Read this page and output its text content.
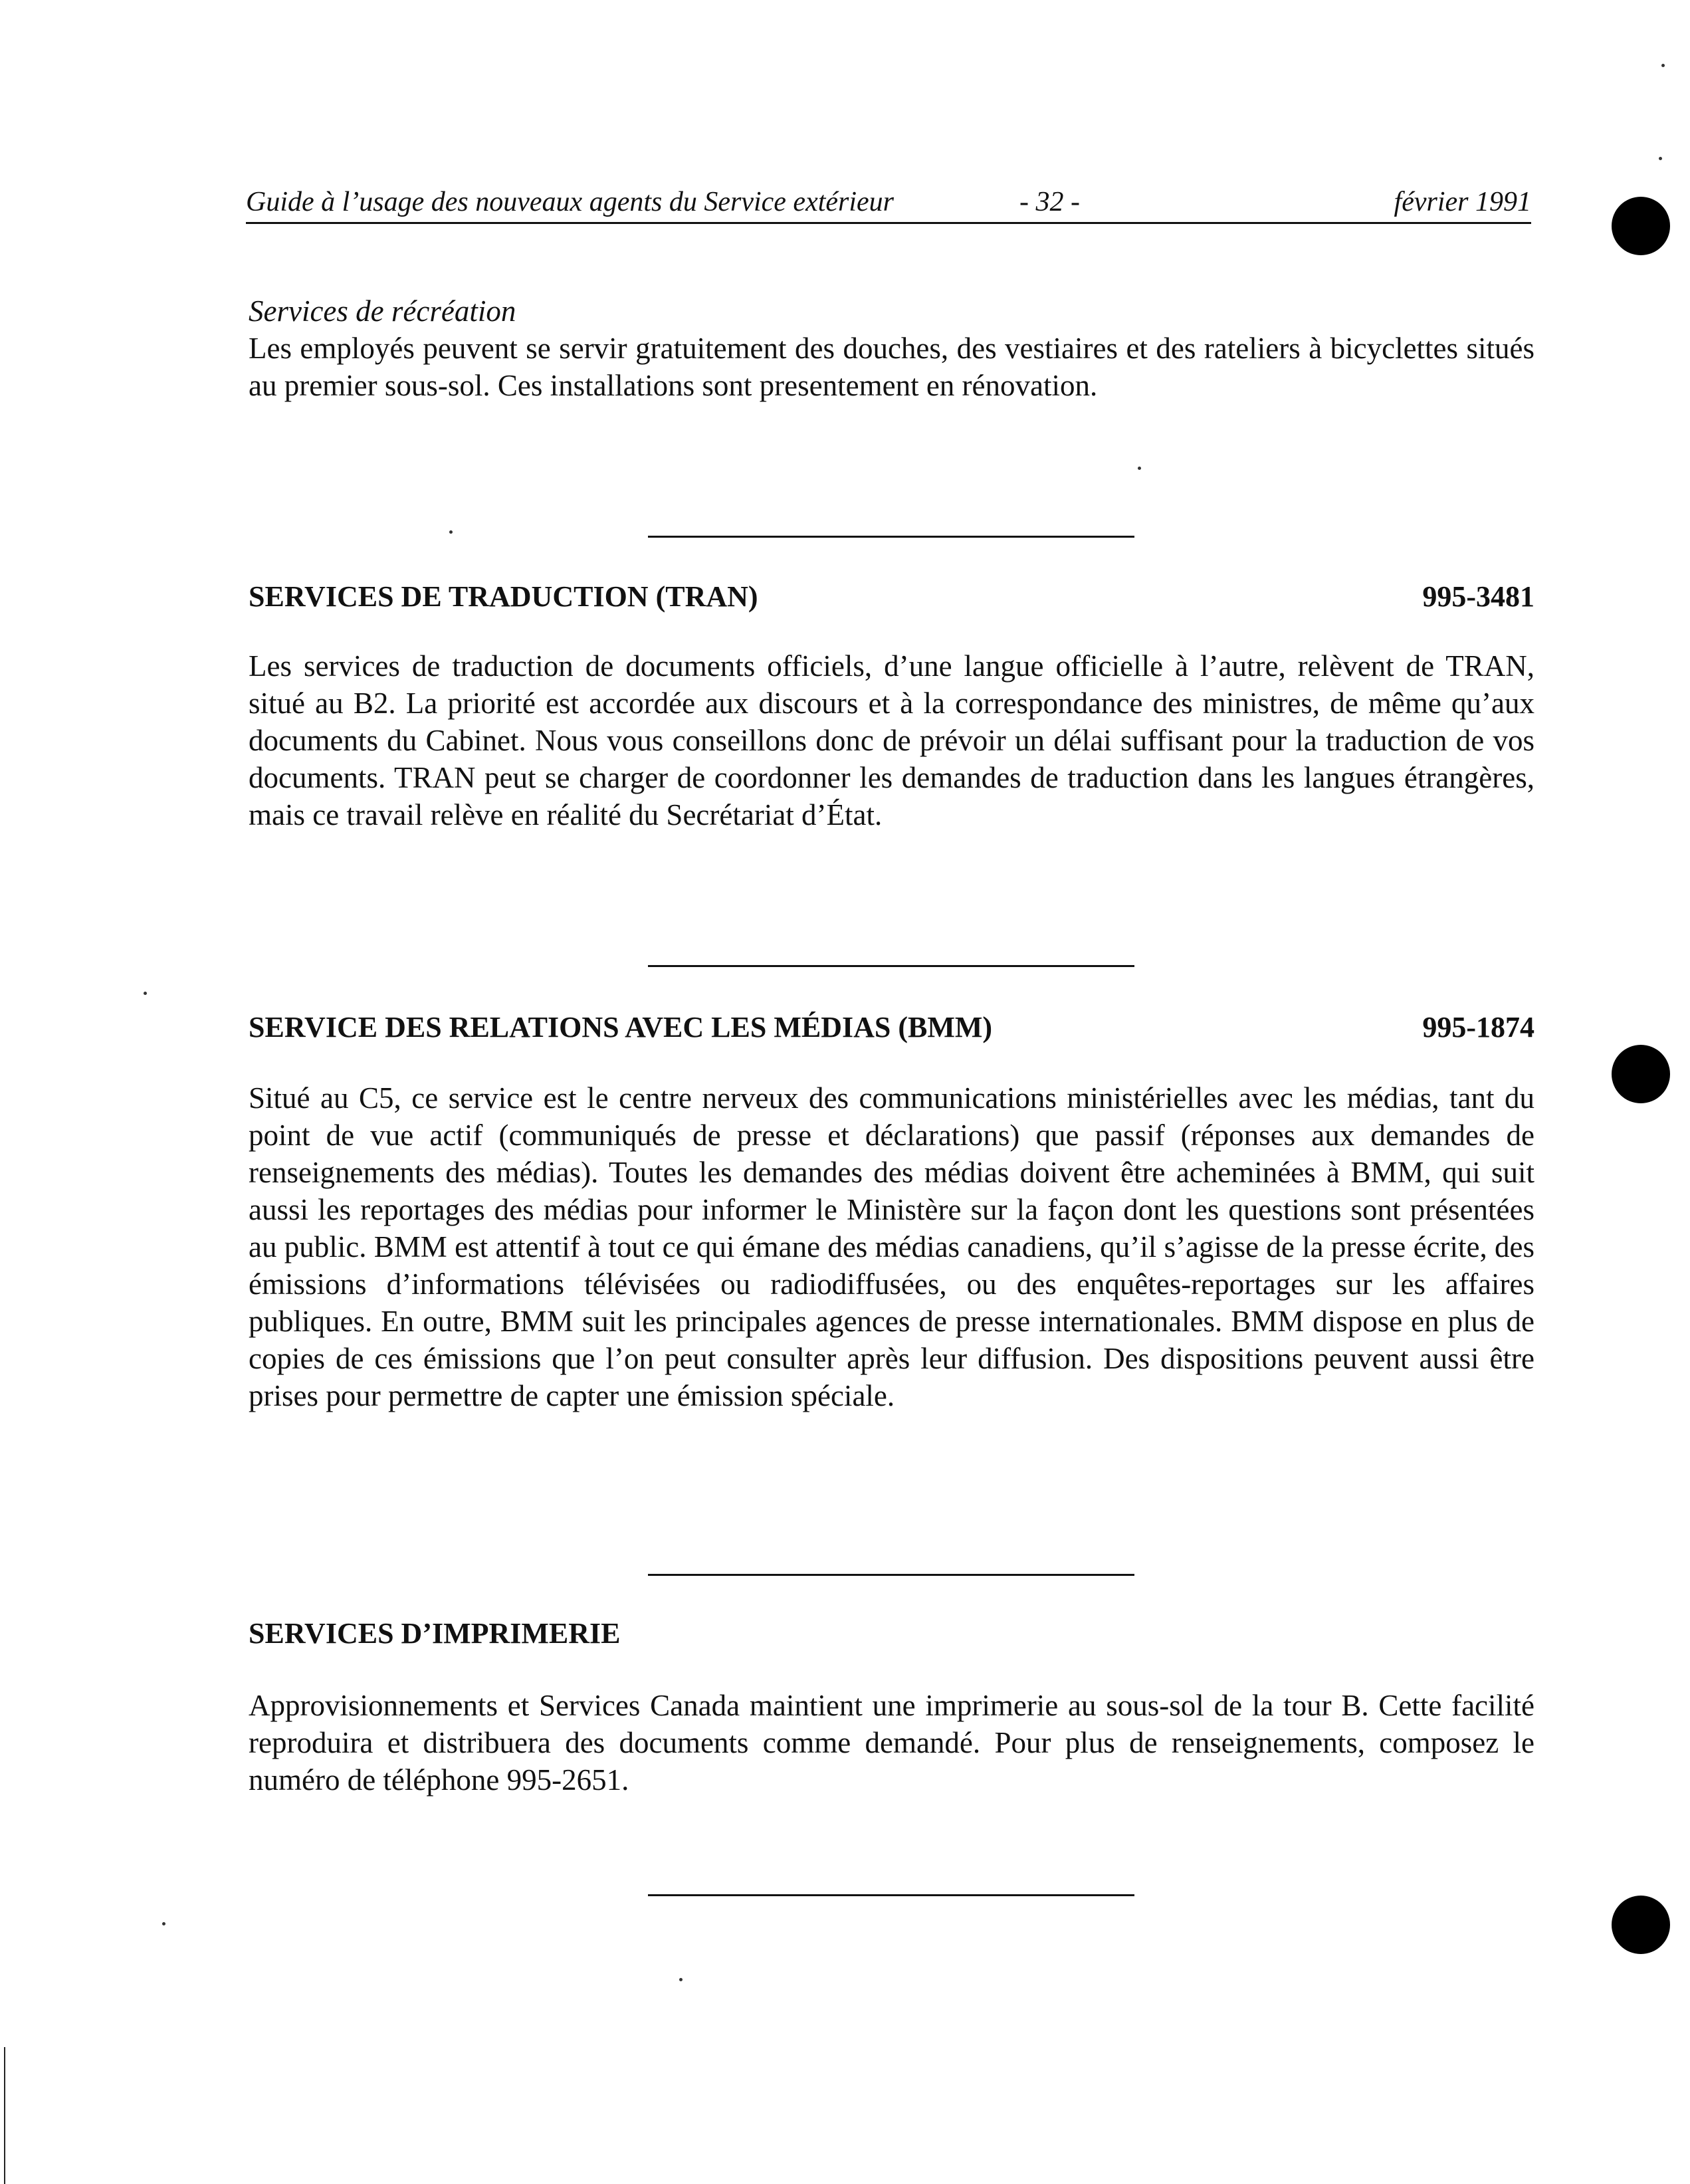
Guide à l’usage des nouveaux agents du Service extérieur	- 32 -	février 1991

Services de récréation

Les employés peuvent se servir gratuitement des douches, des vestiaires et des rateliers à bicyclettes situés au premier sous-sol. Ces installations sont presentement en rénovation.

SERVICES DE TRADUCTION (TRAN)	995-3481

Les services de traduction de documents officiels, d’une langue officielle à l’autre, relèvent de TRAN, situé au B2. La priorité est accordée aux discours et à la correspondance des ministres, de même qu’aux documents du Cabinet. Nous vous conseillons donc de prévoir un délai suffisant pour la traduction de vos documents. TRAN peut se charger de coordonner les demandes de traduction dans les langues étrangères, mais ce travail relève en réalité du Secrétariat d’État.

SERVICE DES RELATIONS AVEC LES MÉDIAS (BMM)	995-1874

Situé au C5, ce service est le centre nerveux des communications ministérielles avec les médias, tant du point de vue actif (communiqués de presse et déclarations) que passif (réponses aux demandes de renseignements des médias). Toutes les demandes des médias doivent être acheminées à BMM, qui suit aussi les reportages des médias pour informer le Ministère sur la façon dont les questions sont présentées au public. BMM est attentif à tout ce qui émane des médias canadiens, qu’il s’agisse de la presse écrite, des émissions d’informations télévisées ou radiodiffusées, ou des enquêtes-reportages sur les affaires publiques. En outre, BMM suit les principales agences de presse internationales. BMM dispose en plus de copies de ces émissions que l’on peut consulter après leur diffusion. Des dispositions peuvent aussi être prises pour permettre de capter une émission spéciale.

SERVICES D’IMPRIMERIE

Approvisionnements et Services Canada maintient une imprimerie au sous-sol de la tour B. Cette facilité reproduira et distribuera des documents comme demandé. Pour plus de renseignements, composez le numéro de téléphone 995-2651.
